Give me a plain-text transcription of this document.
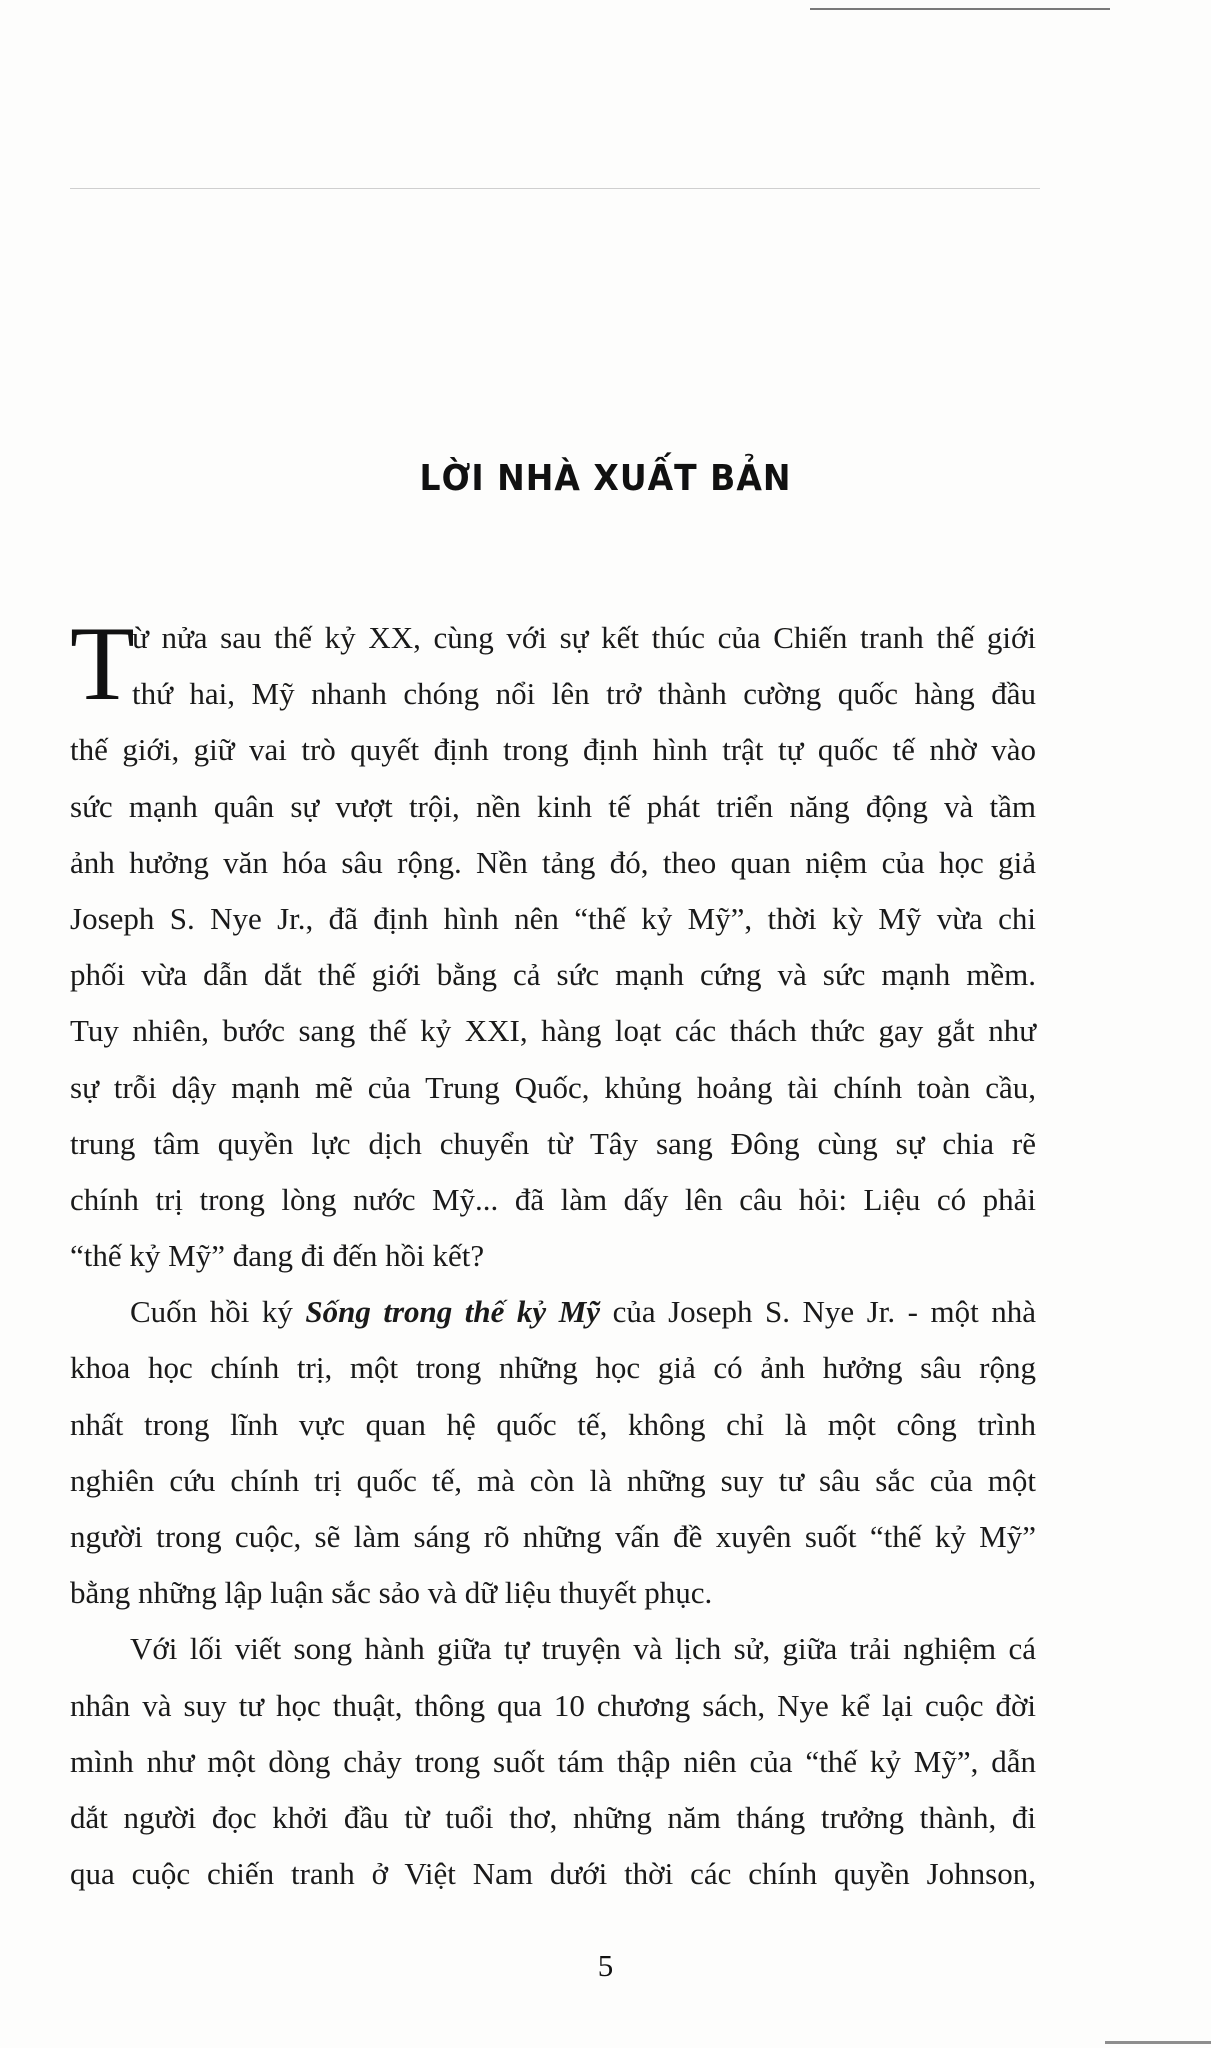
LỜI NHÀ XUẤT BẢN
T
ừ nửa sau thế kỷ XX, cùng với sự kết thúc của Chiến tranh thế giới
thứ hai, Mỹ nhanh chóng nổi lên trở thành cường quốc hàng đầu
thế giới, giữ vai trò quyết định trong định hình trật tự quốc tế nhờ vào
sức mạnh quân sự vượt trội, nền kinh tế phát triển năng động và tầm
ảnh hưởng văn hóa sâu rộng. Nền tảng đó, theo quan niệm của học giả
Joseph S. Nye Jr., đã định hình nên “thế kỷ Mỹ”, thời kỳ Mỹ vừa chi
phối vừa dẫn dắt thế giới bằng cả sức mạnh cứng và sức mạnh mềm.
Tuy nhiên, bước sang thế kỷ XXI, hàng loạt các thách thức gay gắt như
sự trỗi dậy mạnh mẽ của Trung Quốc, khủng hoảng tài chính toàn cầu,
trung tâm quyền lực dịch chuyển từ Tây sang Đông cùng sự chia rẽ
chính trị trong lòng nước Mỹ... đã làm dấy lên câu hỏi: Liệu có phải
“thế kỷ Mỹ” đang đi đến hồi kết?
Cuốn hồi ký Sống trong thế kỷ Mỹ của Joseph S. Nye Jr. - một nhà
khoa học chính trị, một trong những học giả có ảnh hưởng sâu rộng
nhất trong lĩnh vực quan hệ quốc tế, không chỉ là một công trình
nghiên cứu chính trị quốc tế, mà còn là những suy tư sâu sắc của một
người trong cuộc, sẽ làm sáng rõ những vấn đề xuyên suốt “thế kỷ Mỹ”
bằng những lập luận sắc sảo và dữ liệu thuyết phục.
Với lối viết song hành giữa tự truyện và lịch sử, giữa trải nghiệm cá
nhân và suy tư học thuật, thông qua 10 chương sách, Nye kể lại cuộc đời
mình như một dòng chảy trong suốt tám thập niên của “thế kỷ Mỹ”, dẫn
dắt người đọc khởi đầu từ tuổi thơ, những năm tháng trưởng thành, đi
qua cuộc chiến tranh ở Việt Nam dưới thời các chính quyền Johnson,
5
